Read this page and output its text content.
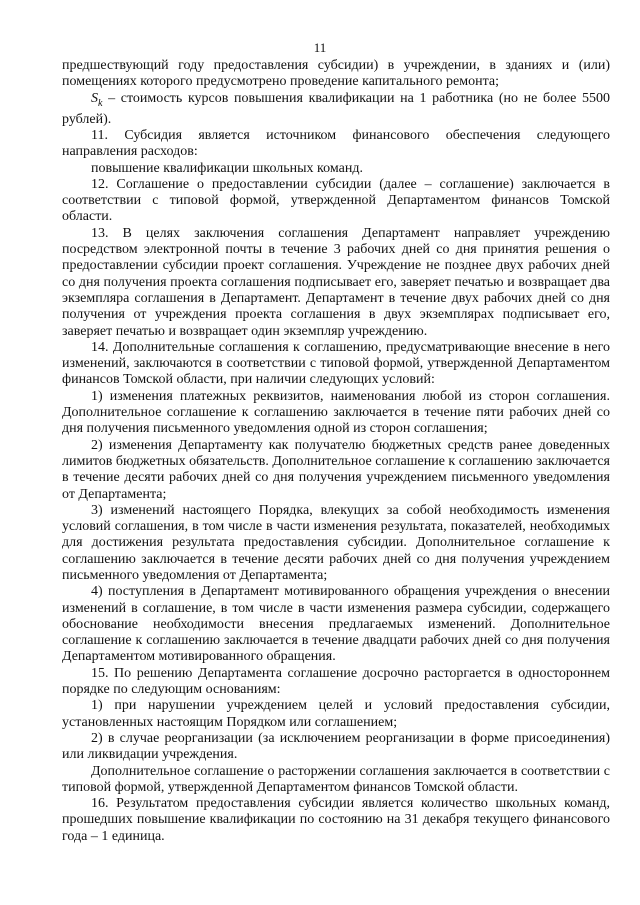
11

предшествующий году предоставления субсидии) в учреждении, в зданиях и (или) помещениях которого предусмотрено проведение капитального ремонта;

$S_k$ – стоимость курсов повышения квалификации на 1 работника (но не более 5500 рублей).

11. Субсидия является источником финансового обеспечения следующего направления расходов:

повышение квалификации школьных команд.

12. Соглашение о предоставлении субсидии (далее – соглашение) заключается в соответствии с типовой формой, утвержденной Департаментом финансов Томской области.

13. В целях заключения соглашения Департамент направляет учреждению посредством электронной почты в течение 3 рабочих дней со дня принятия решения о предоставлении субсидии проект соглашения. Учреждение не позднее двух рабочих дней со дня получения проекта соглашения подписывает его, заверяет печатью и возвращает два экземпляра соглашения в Департамент. Департамент в течение двух рабочих дней со дня получения от учреждения проекта соглашения в двух экземплярах подписывает его, заверяет печатью и возвращает один экземпляр учреждению.

14. Дополнительные соглашения к соглашению, предусматривающие внесение в него изменений, заключаются в соответствии с типовой формой, утвержденной Департаментом финансов Томской области, при наличии следующих условий:

1) изменения платежных реквизитов, наименования любой из сторон соглашения. Дополнительное соглашение к соглашению заключается в течение пяти рабочих дней со дня получения письменного уведомления одной из сторон соглашения;

2) изменения Департаменту как получателю бюджетных средств ранее доведенных лимитов бюджетных обязательств. Дополнительное соглашение к соглашению заключается в течение десяти рабочих дней со дня получения учреждением письменного уведомления от Департамента;

3) изменений настоящего Порядка, влекущих за собой необходимость изменения условий соглашения, в том числе в части изменения результата, показателей, необходимых для достижения результата предоставления субсидии. Дополнительное соглашение к соглашению заключается в течение десяти рабочих дней со дня получения учреждением письменного уведомления от Департамента;

4) поступления в Департамент мотивированного обращения учреждения о внесении изменений в соглашение, в том числе в части изменения размера субсидии, содержащего обоснование необходимости внесения предлагаемых изменений. Дополнительное соглашение к соглашению заключается в течение двадцати рабочих дней со дня получения Департаментом мотивированного обращения.

15. По решению Департамента соглашение досрочно расторгается в одностороннем порядке по следующим основаниям:

1) при нарушении учреждением целей и условий предоставления субсидии, установленных настоящим Порядком или соглашением;

2) в случае реорганизации (за исключением реорганизации в форме присоединения) или ликвидации учреждения.

Дополнительное соглашение о расторжении соглашения заключается в соответствии с типовой формой, утвержденной Департаментом финансов Томской области.

16. Результатом предоставления субсидии является количество школьных команд, прошедших повышение квалификации по состоянию на 31 декабря текущего финансового года – 1 единица.
